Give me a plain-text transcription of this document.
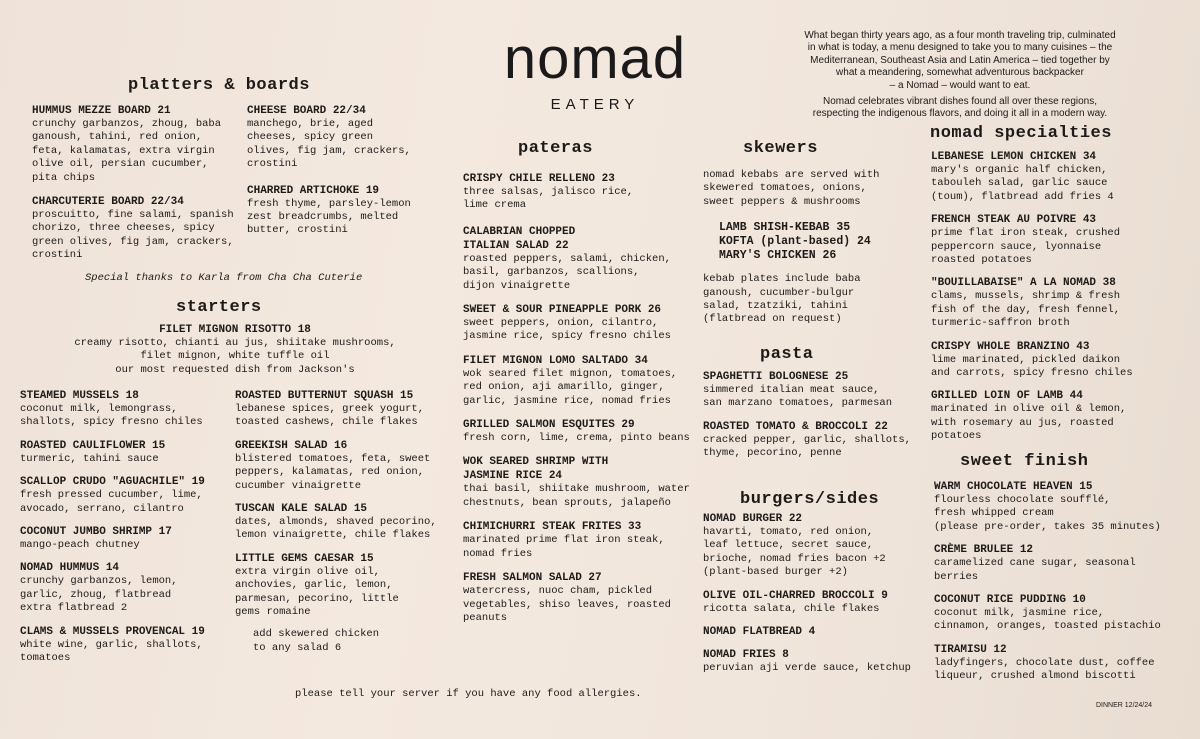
nomad
EATERY
What began thirty years ago, as a four month traveling trip, culminated
in what is today, a menu designed to take you to many cuisines – the
Mediterranean, Southeast Asia and Latin America – tied together by
what a meandering, somewhat adventurous backpacker
– a Nomad – would want to eat.
Nomad celebrates vibrant dishes found all over these regions,
respecting the indigenous flavors, and doing it all in a modern way.
platters & boards
HUMMUS MEZZE BOARD 21
crunchy garbanzos, zhoug, baba
ganoush, tahini, red onion,
feta, kalamatas, extra virgin
olive oil, persian cucumber,
pita chips
CHARCUTERIE BOARD 22/34
proscuitto, fine salami, spanish
chorizo, three cheeses, spicy
green olives, fig jam, crackers,
crostini
CHEESE BOARD 22/34
manchego, brie, aged
cheeses, spicy green
olives, fig jam, crackers,
crostini
CHARRED ARTICHOKE 19
fresh thyme, parsley-lemon
zest breadcrumbs, melted
butter, crostini
Special thanks to Karla from Cha Cha Cuterie
starters
FILET MIGNON RISOTTO 18
creamy risotto, chianti au jus, shiitake mushrooms,
filet mignon, white tuffle oil
our most requested dish from Jackson's
STEAMED MUSSELS 18
coconut milk, lemongrass,
shallots, spicy fresno chiles
ROASTED CAULIFLOWER 15
turmeric, tahini sauce
SCALLOP CRUDO "AGUACHILE" 19
fresh pressed cucumber, lime,
avocado, serrano, cilantro
COCONUT JUMBO SHRIMP 17
mango-peach chutney
NOMAD HUMMUS 14
crunchy garbanzos, lemon,
garlic, zhoug, flatbread
extra flatbread 2
CLAMS & MUSSELS PROVENCAL 19
white wine, garlic, shallots,
tomatoes
ROASTED BUTTERNUT SQUASH 15
lebanese spices, greek yogurt,
toasted cashews, chile flakes
GREEKISH SALAD 16
blistered tomatoes, feta, sweet
peppers, kalamatas, red onion,
cucumber vinaigrette
TUSCAN KALE SALAD 15
dates, almonds, shaved pecorino,
lemon vinaigrette, chile flakes
LITTLE GEMS CAESAR 15
extra virgin olive oil,
anchovies, garlic, lemon,
parmesan, pecorino, little
gems romaine
add skewered chicken
to any salad 6
please tell your server if you have any food allergies.
pateras
CRISPY CHILE RELLENO 23
three salsas, jalisco rice,
lime crema
CALABRIAN CHOPPED
ITALIAN SALAD 22
roasted peppers, salami, chicken,
basil, garbanzos, scallions,
dijon vinaigrette
SWEET & SOUR PINEAPPLE PORK 26
sweet peppers, onion, cilantro,
jasmine rice, spicy fresno chiles
FILET MIGNON LOMO SALTADO 34
wok seared filet mignon, tomatoes,
red onion, aji amarillo, ginger,
garlic, jasmine rice, nomad fries
GRILLED SALMON ESQUITES 29
fresh corn, lime, crema, pinto beans
WOK SEARED SHRIMP WITH
JASMINE RICE 24
thai basil, shiitake mushroom, water
chestnuts, bean sprouts, jalapeño
CHIMICHURRI STEAK FRITES 33
marinated prime flat iron steak,
nomad fries
FRESH SALMON SALAD 27
watercress, nuoc cham, pickled
vegetables, shiso leaves, roasted
peanuts
skewers
nomad kebabs are served with
skewered tomatoes, onions,
sweet peppers & mushrooms
LAMB SHISH-KEBAB 35
KOFTA (plant-based) 24
MARY'S CHICKEN 26
kebab plates include baba
ganoush, cucumber-bulgur
salad, tzatziki, tahini
(flatbread on request)
pasta
SPAGHETTI BOLOGNESE 25
simmered italian meat sauce,
san marzano tomatoes, parmesan
ROASTED TOMATO & BROCCOLI 22
cracked pepper, garlic, shallots,
thyme, pecorino, penne
burgers/sides
NOMAD BURGER 22
havarti, tomato, red onion,
leaf lettuce, secret sauce,
brioche, nomad fries bacon +2
(plant-based burger +2)
OLIVE OIL-CHARRED BROCCOLI 9
ricotta salata, chile flakes
NOMAD FLATBREAD 4
NOMAD FRIES 8
peruvian aji verde sauce, ketchup
nomad specialties
LEBANESE LEMON CHICKEN 34
mary's organic half chicken,
tabouleh salad, garlic sauce
(toum), flatbread add fries 4
FRENCH STEAK AU POIVRE 43
prime flat iron steak, crushed
peppercorn sauce, lyonnaise
roasted potatoes
"BOUILLABAISE" A LA NOMAD 38
clams, mussels, shrimp & fresh
fish of the day, fresh fennel,
turmeric-saffron broth
CRISPY WHOLE BRANZINO 43
lime marinated, pickled daikon
and carrots, spicy fresno chiles
GRILLED LOIN OF LAMB 44
marinated in olive oil & lemon,
with rosemary au jus, roasted
potatoes
sweet finish
WARM CHOCOLATE HEAVEN 15
flourless chocolate soufflé,
fresh whipped cream
(please pre-order, takes 35 minutes)
CRÈME BRULEE 12
caramelized cane sugar, seasonal
berries
COCONUT RICE PUDDING 10
coconut milk, jasmine rice,
cinnamon, oranges, toasted pistachio
TIRAMISU 12
ladyfingers, chocolate dust, coffee
liqueur, crushed almond biscotti
DINNER 12/24/24
